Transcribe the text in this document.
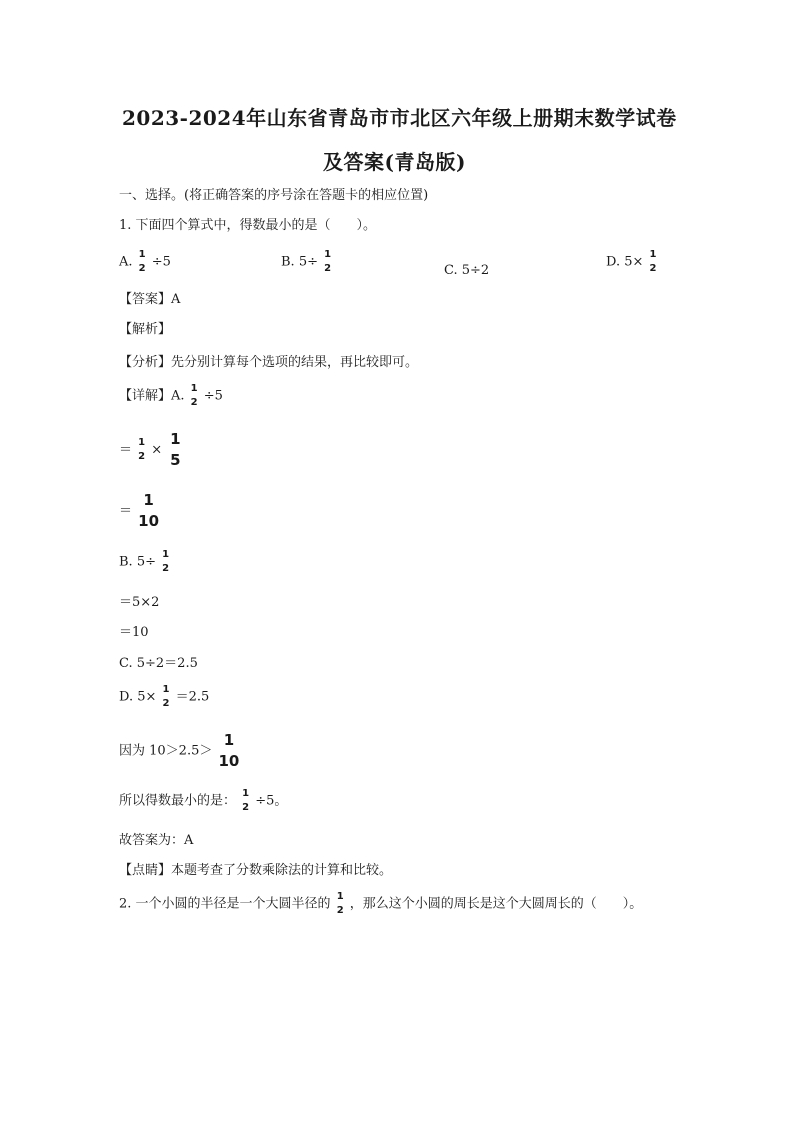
2023-2024年山东省青岛市市北区六年级上册期末数学试卷
及答案(青岛版)
一、选择。(将正确答案的序号涂在答题卡的相应位置)
1. 下面四个算式中，得数最小的是（　　）。
A. 1
2 ÷5	B. 5÷ 1
2	C. 5÷2
D. 5× 1
2
【答案】A
【解析】
【分析】先分别计算每个选项的结果，再比较即可。
【详解】A. 1
2 ÷5
＝ 1
2 ×
1
5
＝
1
10
B. 5÷ 1
2
＝5×2
＝10
C. 5÷2＝2.5
D. 5× 1
2 ＝2.5
因为 10＞2.5＞
1
10
所以得数最小的是： 1
2 ÷5。
故答案为：A
【点睛】本题考查了分数乘除法的计算和比较。
2. 一个小圆的半径是一个大圆半径的 1
2 ，那么这个小圆的周长是这个大圆周长的（　　）。
